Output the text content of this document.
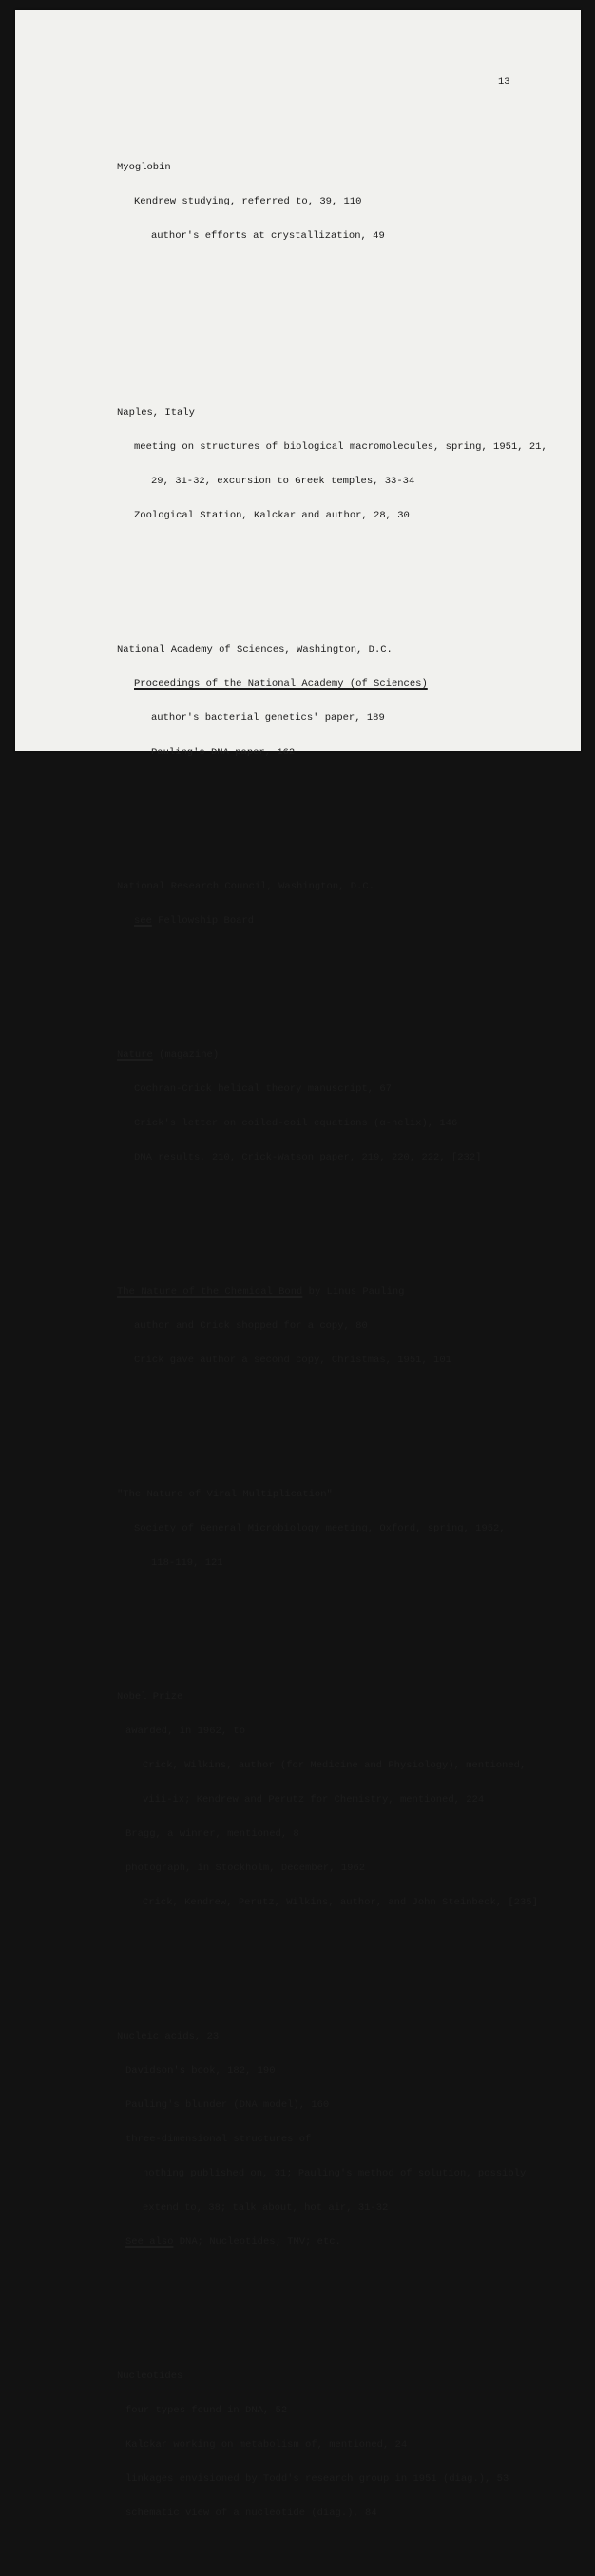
13

Myoglobin

Kendrew studying, referred to, 39, 110

author's efforts at crystallization, 49

Naples, Italy

meeting on structures of biological macromolecules, spring, 1951, 21,

29, 31-32, excursion to Greek temples, 33-34

Zoological Station, Kalckar and author, 28, 30

National Academy of Sciences, Washington, D.C.

Proceedings of the National Academy (of Sciences)

author's bacterial genetics' paper, 189

Pauling's DNA paper, 162

National Research Council, Washington, D.C.

see Fellowship Board

Nature (magazine)

Cochran-Crick helical theory manuscript, 67

Crick's letter on coiled-coil equations (α-helix), 146

DNA results, 210, Crick-Watson paper, 219, 220, 222, [232]

The Nature of the Chemical Bond by Linus Pauling

author and Crick shopped for a copy, 80

Crick gave author a second copy, Christmas, 1951, 101

"The Nature of Viral Multiplication"

Society of General Microbiology meeting, Oxford, spring, 1952,

118-119, 121

Nobel Prize

awarded, in 1962, to

Crick, Wilkins, author (for Medicine and Physiology), mentioned,

viii-ix; Kendrew and Perutz for Chemistry, mentioned, 224

Bragg, a winner, mentioned, 8

photograph, in Stockholm, December, 1962

Crick, Kendrew, Perutz, Wilkins, author, and John Steinbeck, [235]

Nucleic acids, 23

Davidson's book, 182, 190

Pauling's blunder (DNA model), 160

three-dimensional structures of

nothing published on, 31; Pauling's method of solution, possibly

extend to, 38; talk about, hot air, 31-32

See also DNA; Nucleotides; TMV; etc.

Nucleotides

four types found in DNA, 52

Kalckar working on metabolism of, mentioned, 24

linkages envisioned by Todd's research group in 1951 (diag.), 53

schematic view of a nucleotide (diag.), 84
